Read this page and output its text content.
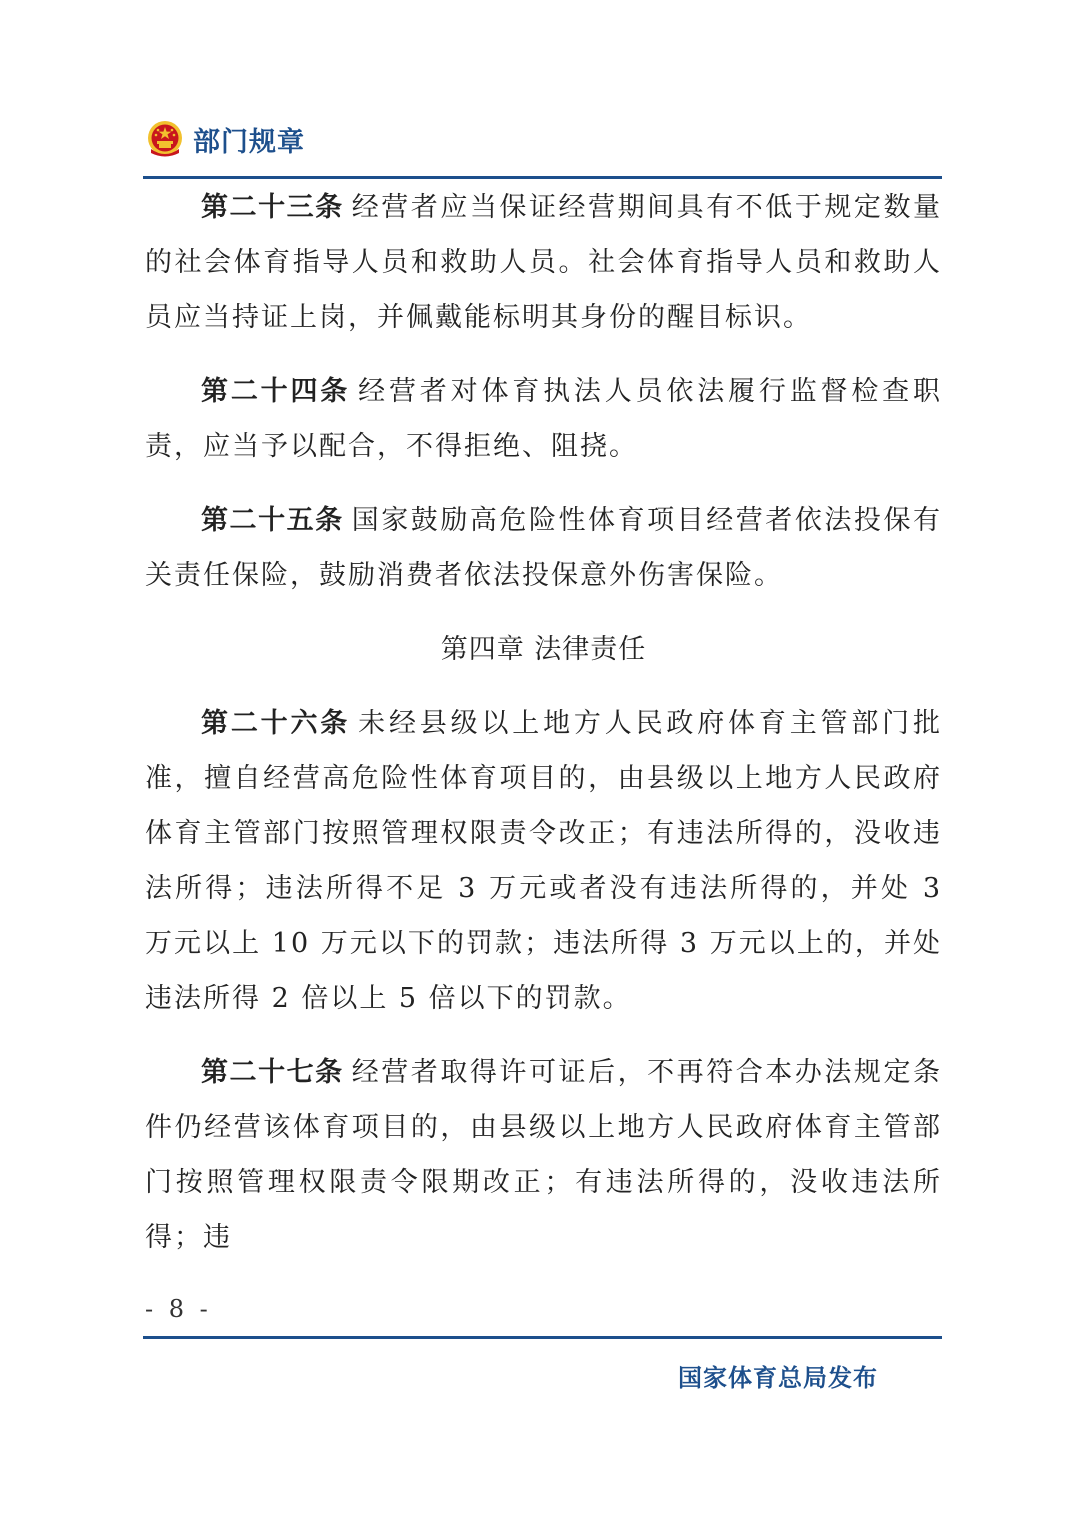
部门规章

第二十三条 经营者应当保证经营期间具有不低于规定数量的社会体育指导人员和救助人员。社会体育指导人员和救助人员应当持证上岗，并佩戴能标明其身份的醒目标识。

第二十四条 经营者对体育执法人员依法履行监督检查职责，应当予以配合，不得拒绝、阻挠。

第二十五条 国家鼓励高危险性体育项目经营者依法投保有关责任保险，鼓励消费者依法投保意外伤害保险。

第四章 法律责任

第二十六条 未经县级以上地方人民政府体育主管部门批准，擅自经营高危险性体育项目的，由县级以上地方人民政府体育主管部门按照管理权限责令改正；有违法所得的，没收违法所得；违法所得不足 3 万元或者没有违法所得的，并处 3 万元以上 10 万元以下的罚款；违法所得 3 万元以上的，并处违法所得 2 倍以上 5 倍以下的罚款。

第二十七条 经营者取得许可证后，不再符合本办法规定条件仍经营该体育项目的，由县级以上地方人民政府体育主管部门按照管理权限责令限期改正；有违法所得的，没收违法所得；违

- 8 -
国家体育总局发布
